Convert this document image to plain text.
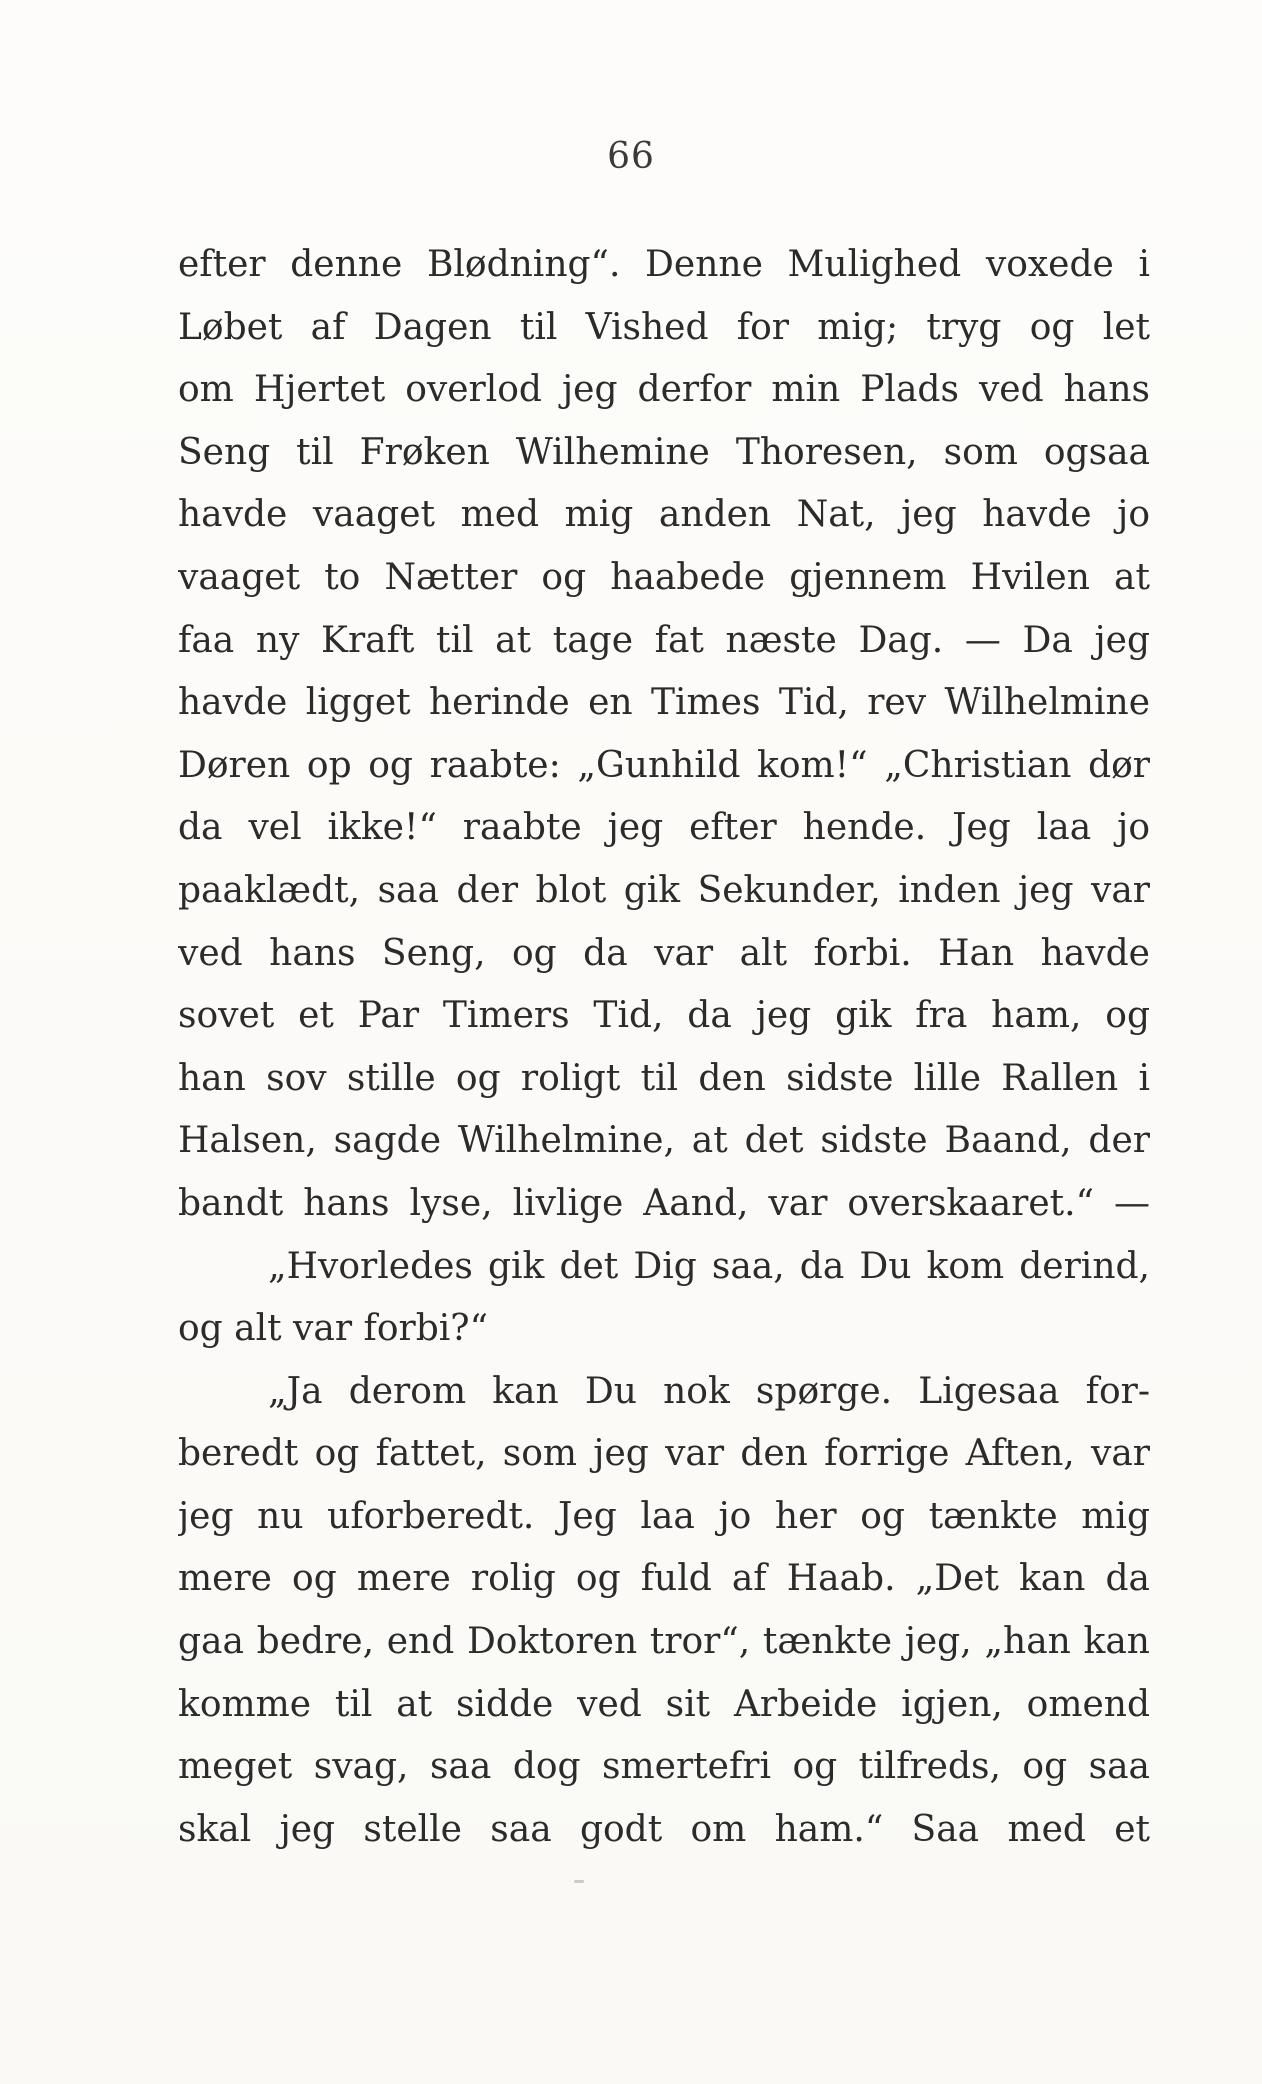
66
efter denne Blødning“. Denne Mulighed voxede i
Løbet af Dagen til Vished for mig; tryg og let
om Hjertet overlod jeg derfor min Plads ved hans
Seng til Frøken Wilhemine Thoresen, som ogsaa
havde vaaget med mig anden Nat, jeg havde jo
vaaget to Nætter og haabede gjennem Hvilen at
faa ny Kraft til at tage fat næste Dag. — Da jeg
havde ligget herinde en Times Tid, rev Wilhelmine
Døren op og raabte: „Gunhild kom!“ „Christian dør
da vel ikke!“ raabte jeg efter hende. Jeg laa jo
paaklædt, saa der blot gik Sekunder, inden jeg var
ved hans Seng, og da var alt forbi. Han havde
sovet et Par Timers Tid, da jeg gik fra ham, og
han sov stille og roligt til den sidste lille Rallen i
Halsen, sagde Wilhelmine, at det sidste Baand, der
bandt hans lyse, livlige Aand, var overskaaret.“ —
„Hvorledes gik det Dig saa, da Du kom derind,
og alt var forbi?“
„Ja derom kan Du nok spørge. Ligesaa for-
beredt og fattet, som jeg var den forrige Aften, var
jeg nu uforberedt. Jeg laa jo her og tænkte mig
mere og mere rolig og fuld af Haab. „Det kan da
gaa bedre, end Doktoren tror“, tænkte jeg, „han kan
komme til at sidde ved sit Arbeide igjen, omend
meget svag, saa dog smertefri og tilfreds, og saa
skal jeg stelle saa godt om ham.“ Saa med et
